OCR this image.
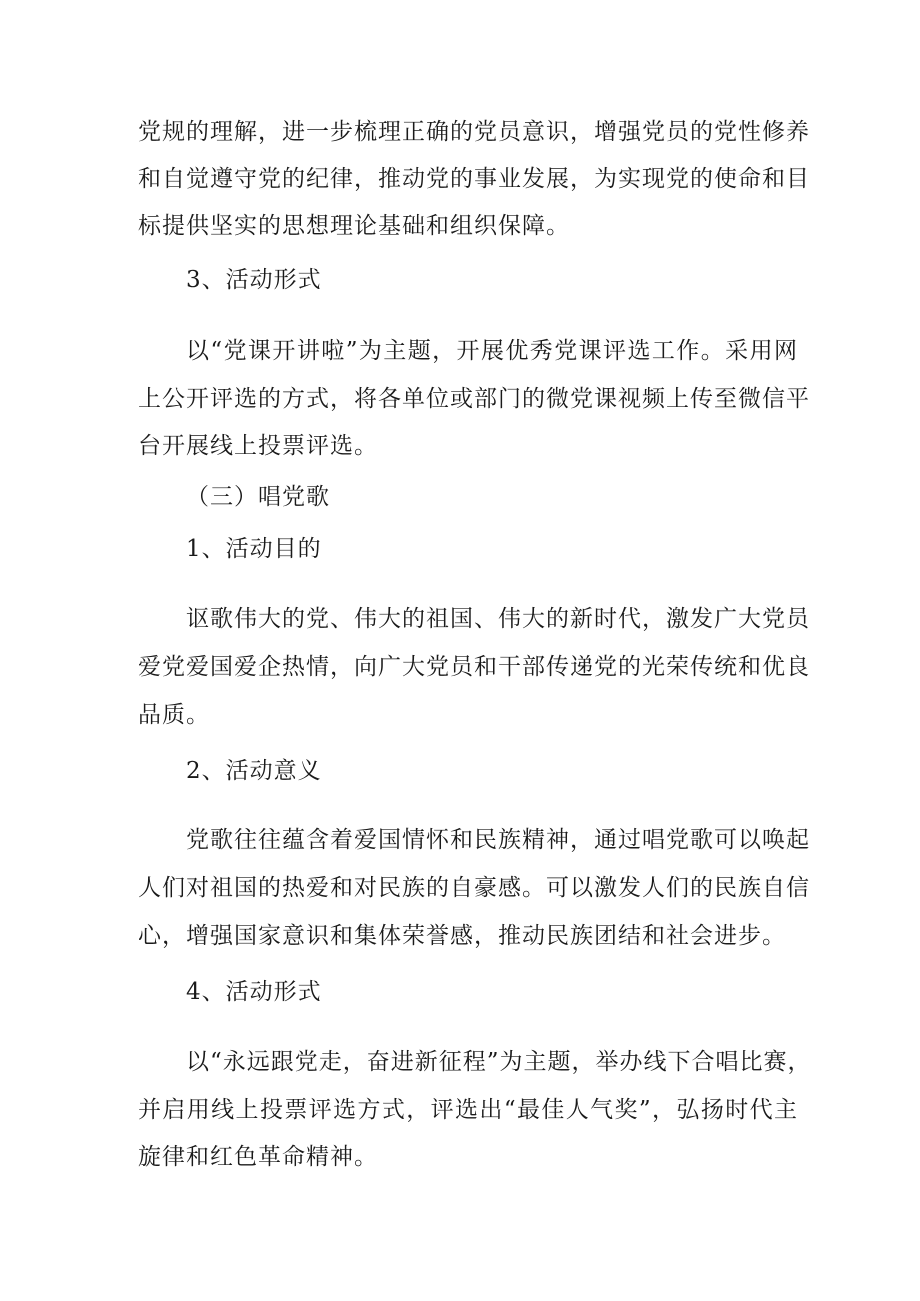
党规的理解，进一步梳理正确的党员意识，增强党员的党性修养
和自觉遵守党的纪律，推动党的事业发展，为实现党的使命和目
标提供坚实的思想理论基础和组织保障。
3、活动形式
以“党课开讲啦”为主题，开展优秀党课评选工作。采用网
上公开评选的方式，将各单位或部门的微党课视频上传至微信平
台开展线上投票评选。
（三）唱党歌
1、活动目的
讴歌伟大的党、伟大的祖国、伟大的新时代，激发广大党员
爱党爱国爱企热情，向广大党员和干部传递党的光荣传统和优良
品质。
2、活动意义
党歌往往蕴含着爱国情怀和民族精神，通过唱党歌可以唤起
人们对祖国的热爱和对民族的自豪感。可以激发人们的民族自信
心，增强国家意识和集体荣誉感，推动民族团结和社会进步。
4、活动形式
以“永远跟党走，奋进新征程”为主题，举办线下合唱比赛，
并启用线上投票评选方式，评选出“最佳人气奖”，弘扬时代主
旋律和红色革命精神。
